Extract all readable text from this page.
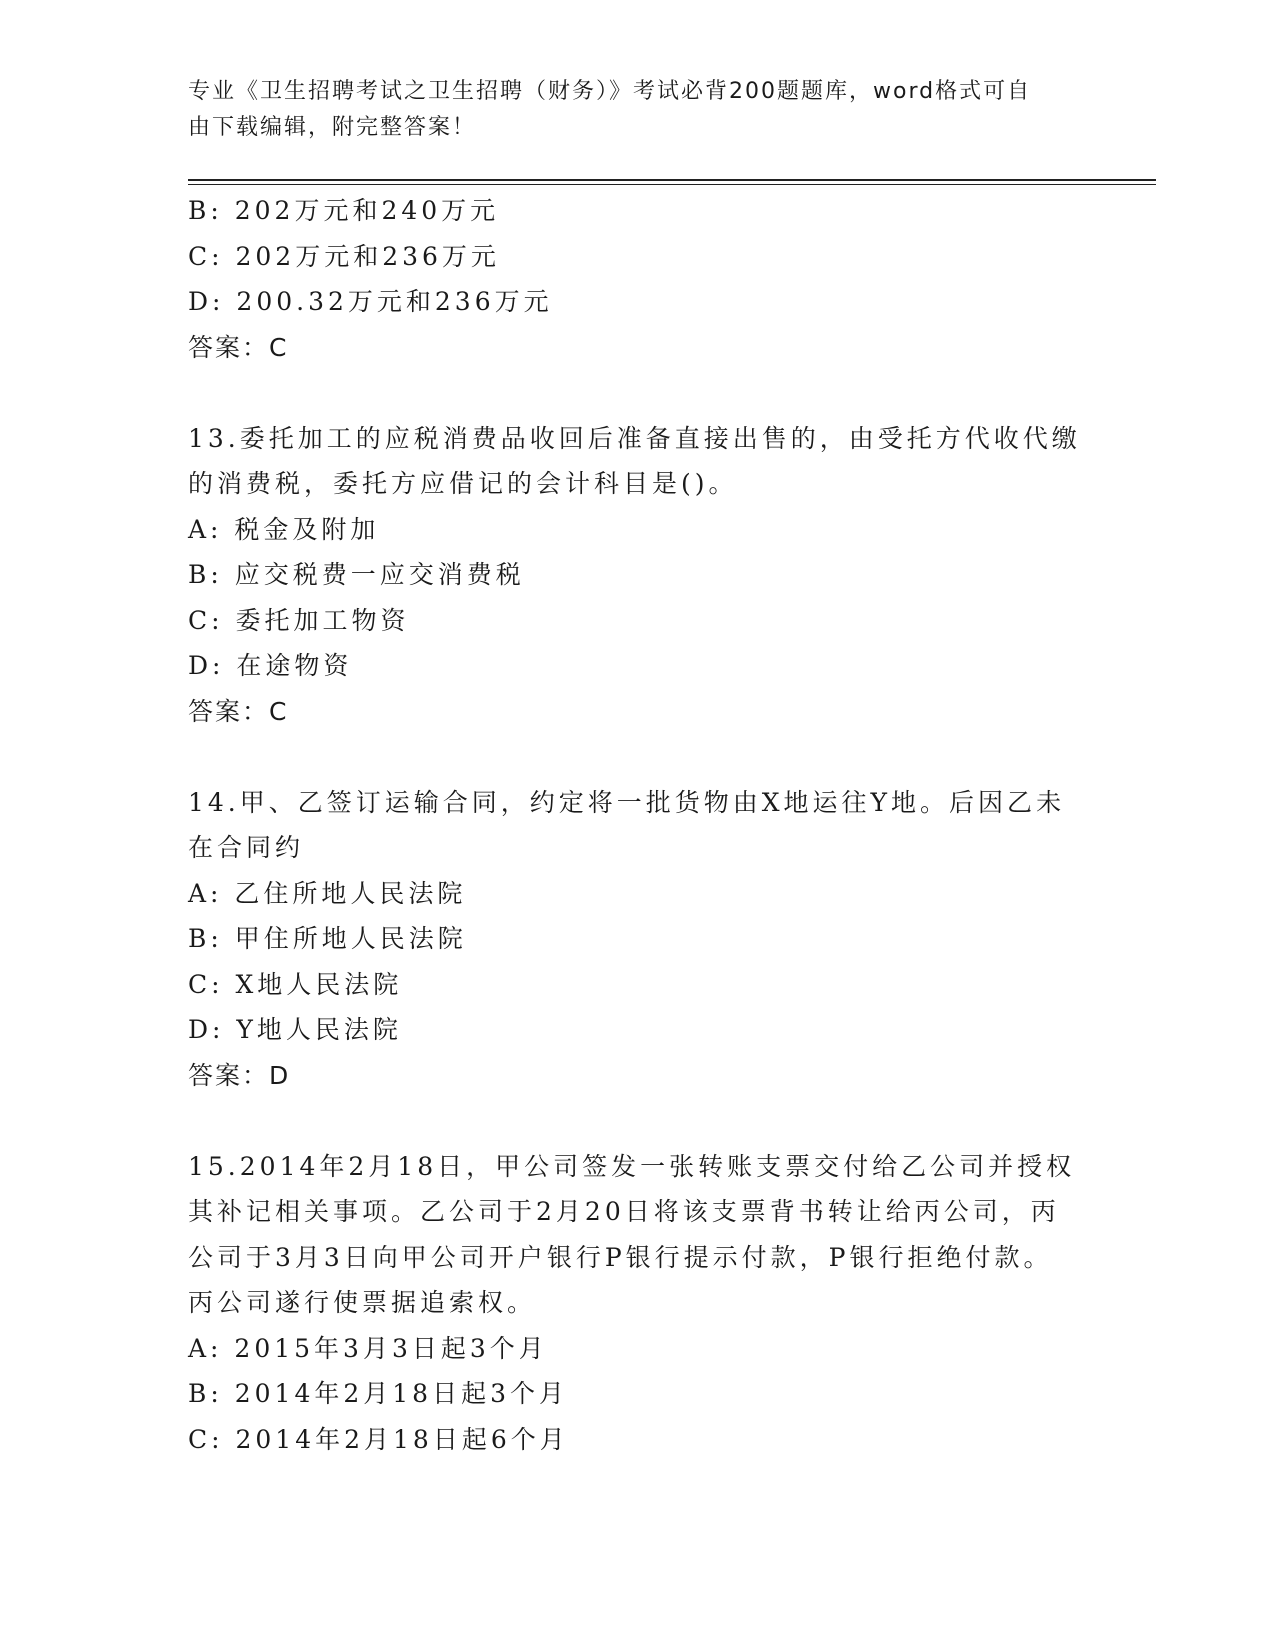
专业《卫生招聘考试之卫生招聘（财务）》考试必背200题题库，word格式可自
由下载编辑，附完整答案！
B: 202万元和240万元
C: 202万元和236万元
D: 200.32万元和236万元
答案：C
13.委托加工的应税消费品收回后准备直接出售的，由受托方代收代缴
的消费税，委托方应借记的会计科目是()。
A: 税金及附加
B: 应交税费一应交消费税
C: 委托加工物资
D: 在途物资
答案：C
14.甲、乙签订运输合同，约定将一批货物由X地运往Y地。后因乙未
在合同约
A: 乙住所地人民法院
B: 甲住所地人民法院
C: X地人民法院
D: Y地人民法院
答案：D
15.2014年2月18日，甲公司签发一张转账支票交付给乙公司并授权
其补记相关事项。乙公司于2月20日将该支票背书转让给丙公司，丙
公司于3月3日向甲公司开户银行P银行提示付款，P银行拒绝付款。
丙公司遂行使票据追索权。
A: 2015年3月3日起3个月
B: 2014年2月18日起3个月
C: 2014年2月18日起6个月
